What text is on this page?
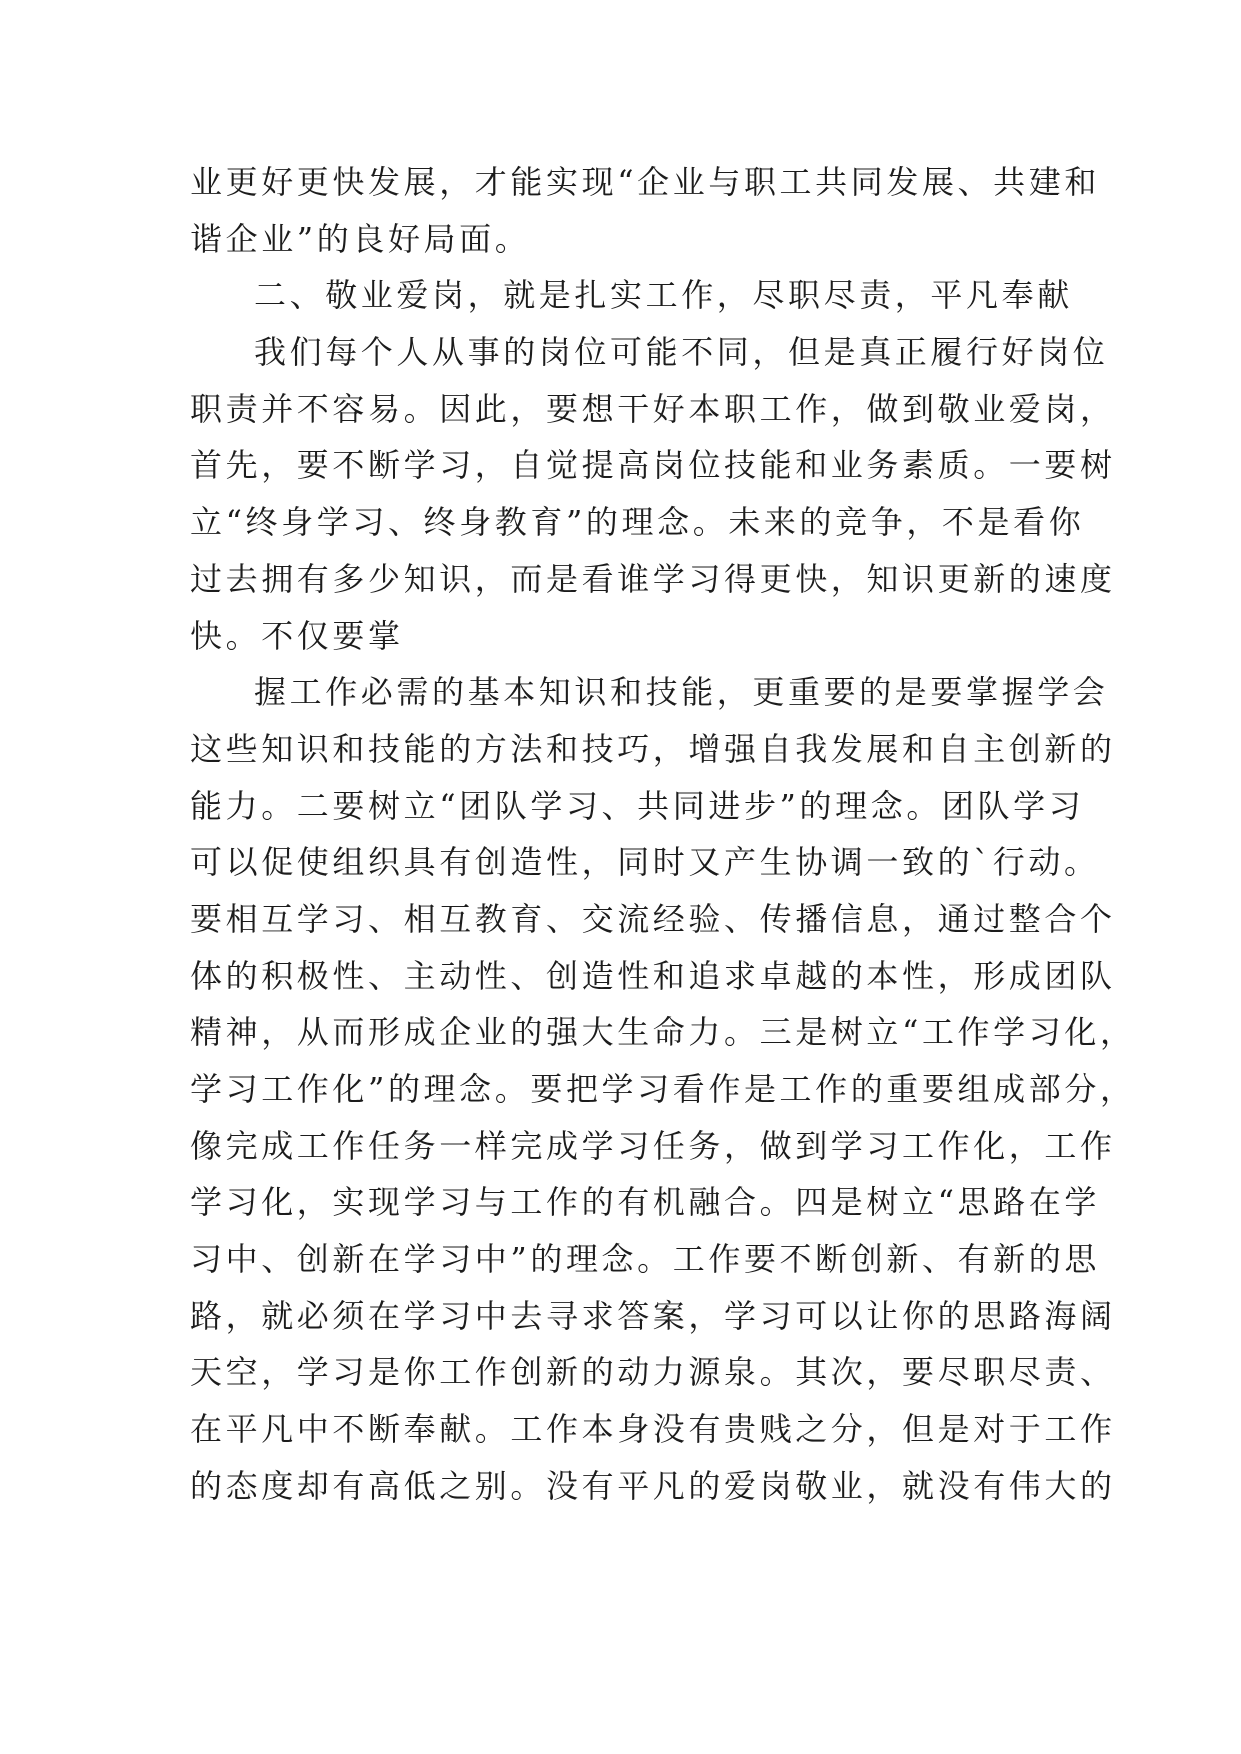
业更好更快发展，才能实现“企业与职工共同发展、共建和
谐企业”的良好局面。
二、敬业爱岗，就是扎实工作，尽职尽责，平凡奉献
我们每个人从事的岗位可能不同，但是真正履行好岗位
职责并不容易。因此，要想干好本职工作，做到敬业爱岗，
首先，要不断学习，自觉提高岗位技能和业务素质。一要树
立“终身学习、终身教育”的理念。未来的竞争，不是看你
过去拥有多少知识，而是看谁学习得更快，知识更新的速度
快。不仅要掌
握工作必需的基本知识和技能，更重要的是要掌握学会
这些知识和技能的方法和技巧，增强自我发展和自主创新的
能力。二要树立“团队学习、共同进步”的理念。团队学习
可以促使组织具有创造性，同时又产生协调一致的`行动。
要相互学习、相互教育、交流经验、传播信息，通过整合个
体的积极性、主动性、创造性和追求卓越的本性，形成团队
精神，从而形成企业的强大生命力。三是树立“工作学习化，
学习工作化”的理念。要把学习看作是工作的重要组成部分，
像完成工作任务一样完成学习任务，做到学习工作化，工作
学习化，实现学习与工作的有机融合。四是树立“思路在学
习中、创新在学习中”的理念。工作要不断创新、有新的思
路，就必须在学习中去寻求答案，学习可以让你的思路海阔
天空，学习是你工作创新的动力源泉。其次，要尽职尽责、
在平凡中不断奉献。工作本身没有贵贱之分，但是对于工作
的态度却有高低之别。没有平凡的爱岗敬业，就没有伟大的
